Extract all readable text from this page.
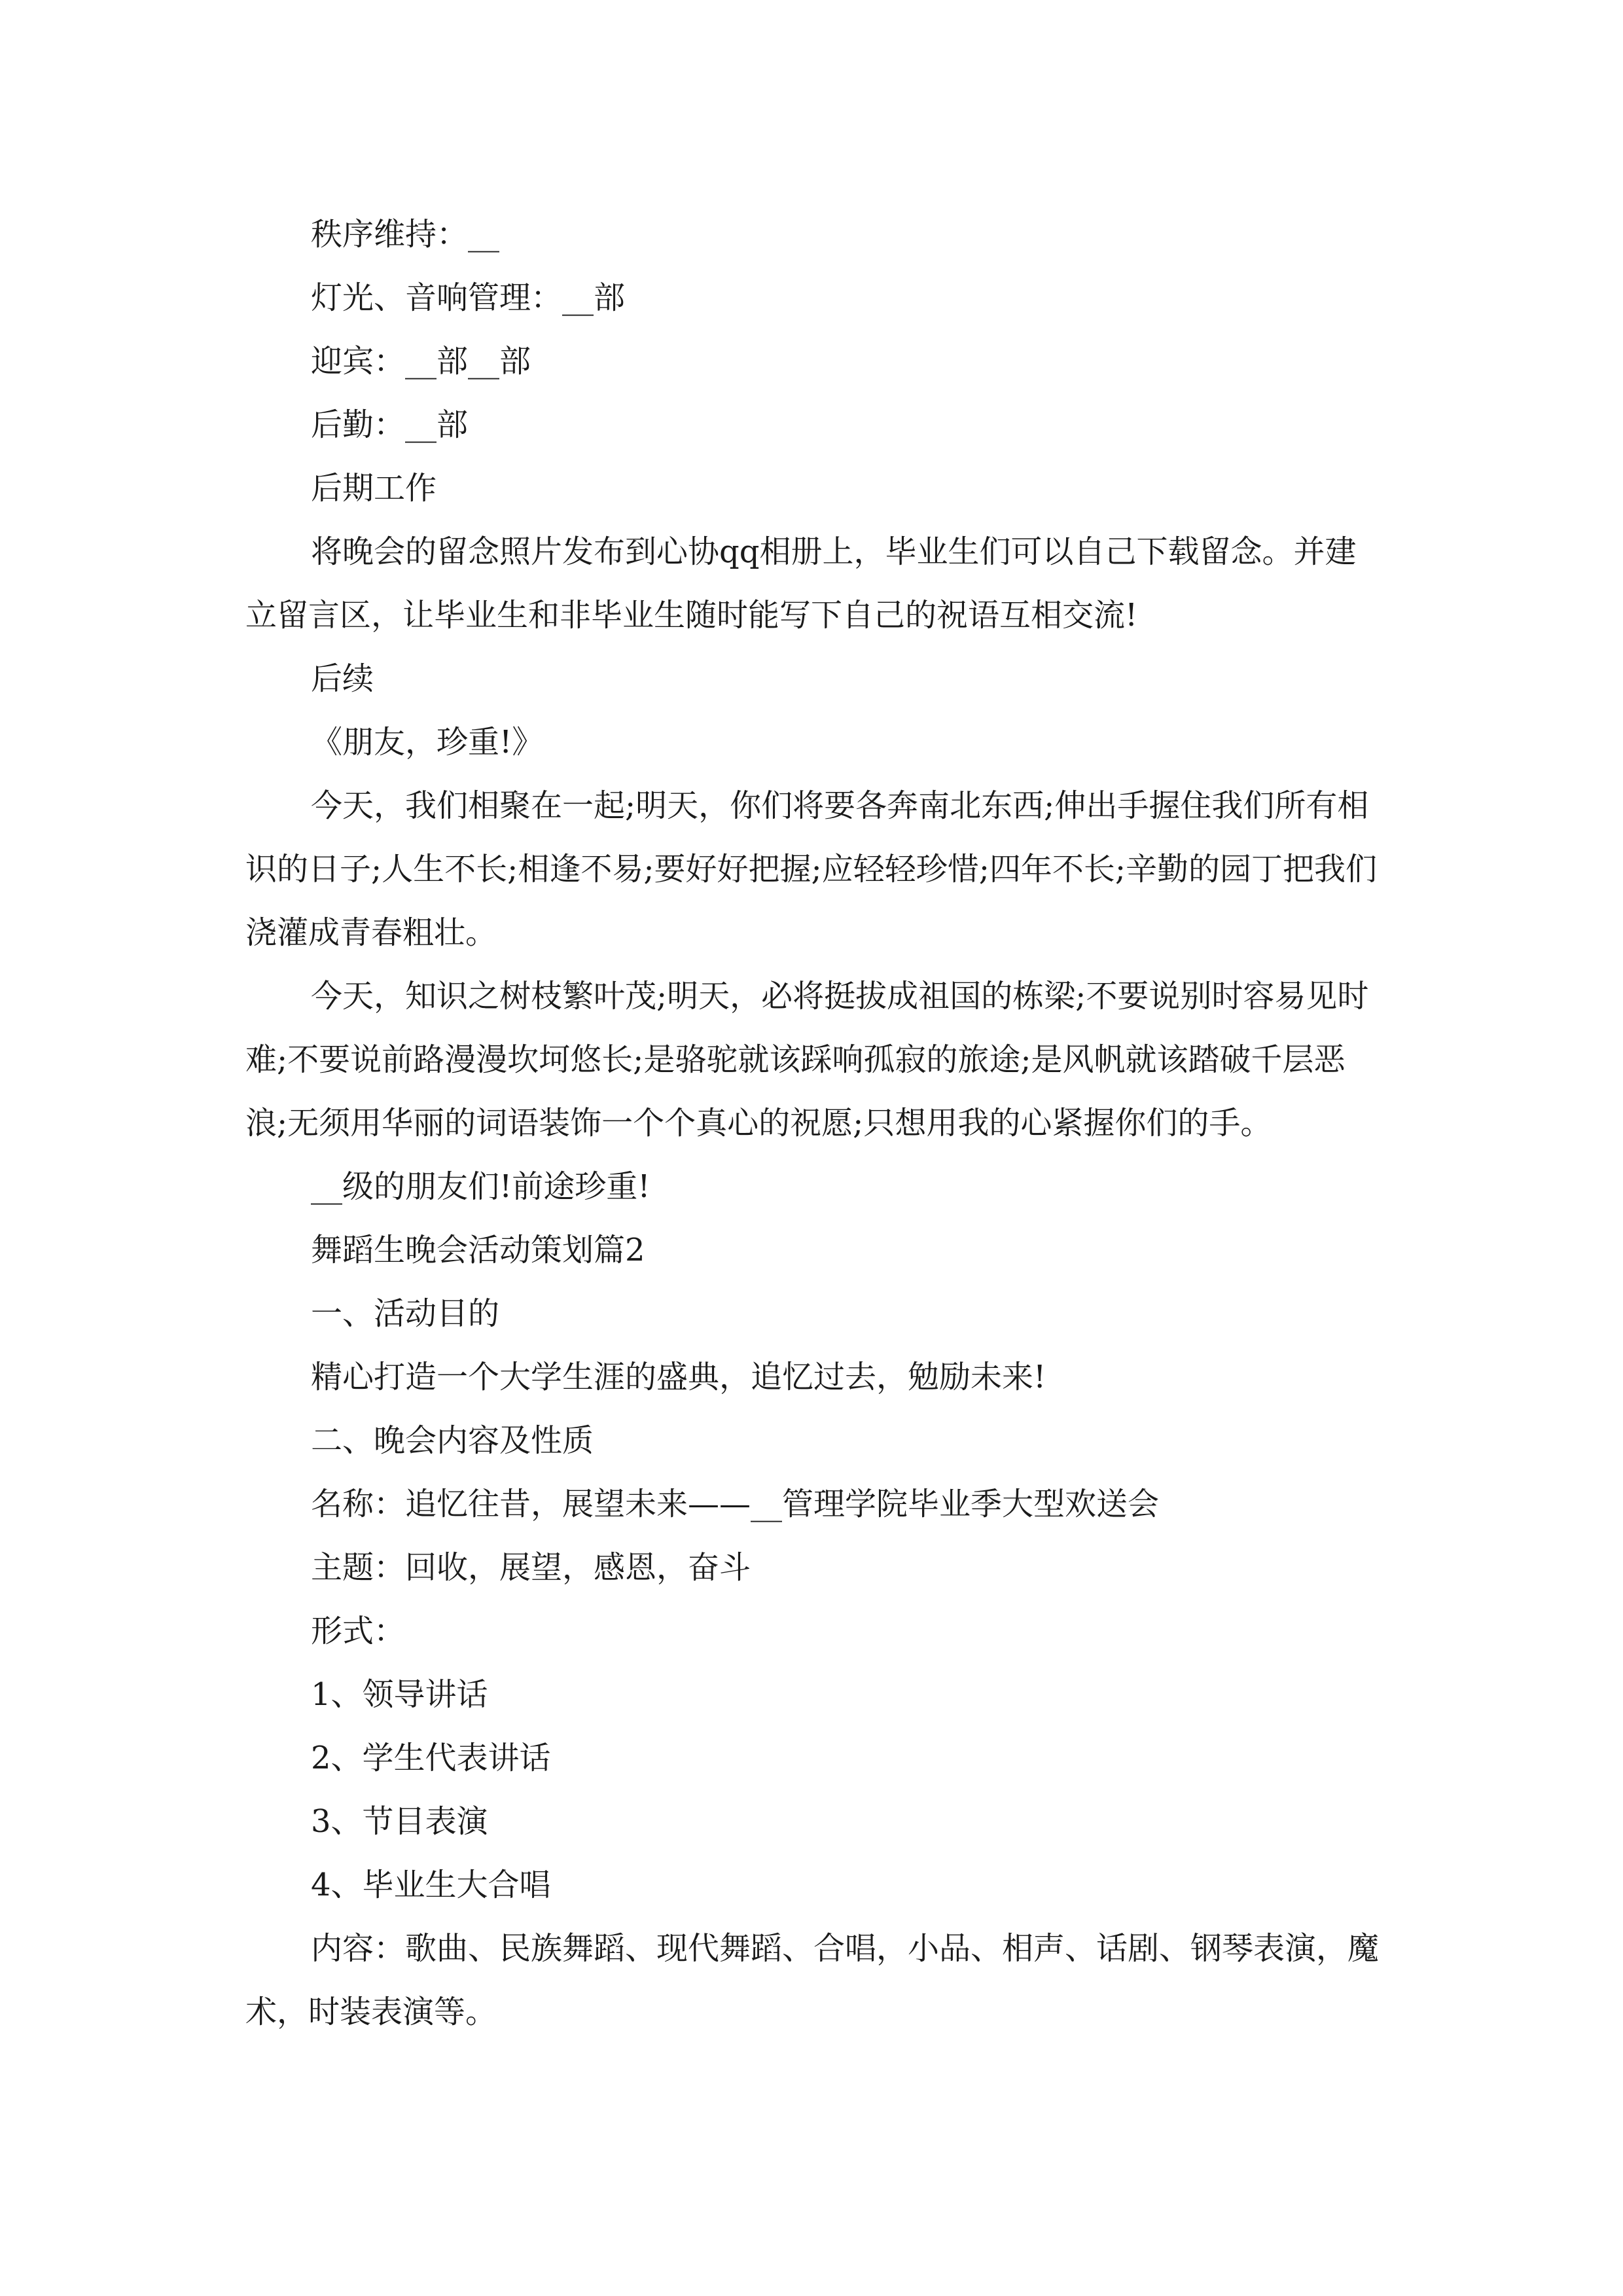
秩序维持：__

灯光、音响管理：__部

迎宾：__部__部

后勤：__部

后期工作

将晚会的留念照片发布到心协qq相册上，毕业生们可以自己下载留念。并建立留言区，让毕业生和非毕业生随时能写下自己的祝语互相交流!

后续

《朋友，珍重!》

今天，我们相聚在一起;明天，你们将要各奔南北东西;伸出手握住我们所有相识的日子;人生不长;相逢不易;要好好把握;应轻轻珍惜;四年不长;辛勤的园丁把我们浇灌成青春粗壮。

今天，知识之树枝繁叶茂;明天，必将挺拔成祖国的栋梁;不要说别时容易见时难;不要说前路漫漫坎坷悠长;是骆驼就该踩响孤寂的旅途;是风帆就该踏破千层恶浪;无须用华丽的词语装饰一个个真心的祝愿;只想用我的心紧握你们的手。

__级的朋友们!前途珍重!

舞蹈生晚会活动策划篇2

一、活动目的

精心打造一个大学生涯的盛典，追忆过去，勉励未来!

二、晚会内容及性质

名称：追忆往昔，展望未来——__管理学院毕业季大型欢送会

主题：回收，展望，感恩，奋斗

形式：

1、领导讲话

2、学生代表讲话

3、节目表演

4、毕业生大合唱

内容：歌曲、民族舞蹈、现代舞蹈、合唱，小品、相声、话剧、钢琴表演，魔术，时装表演等。
